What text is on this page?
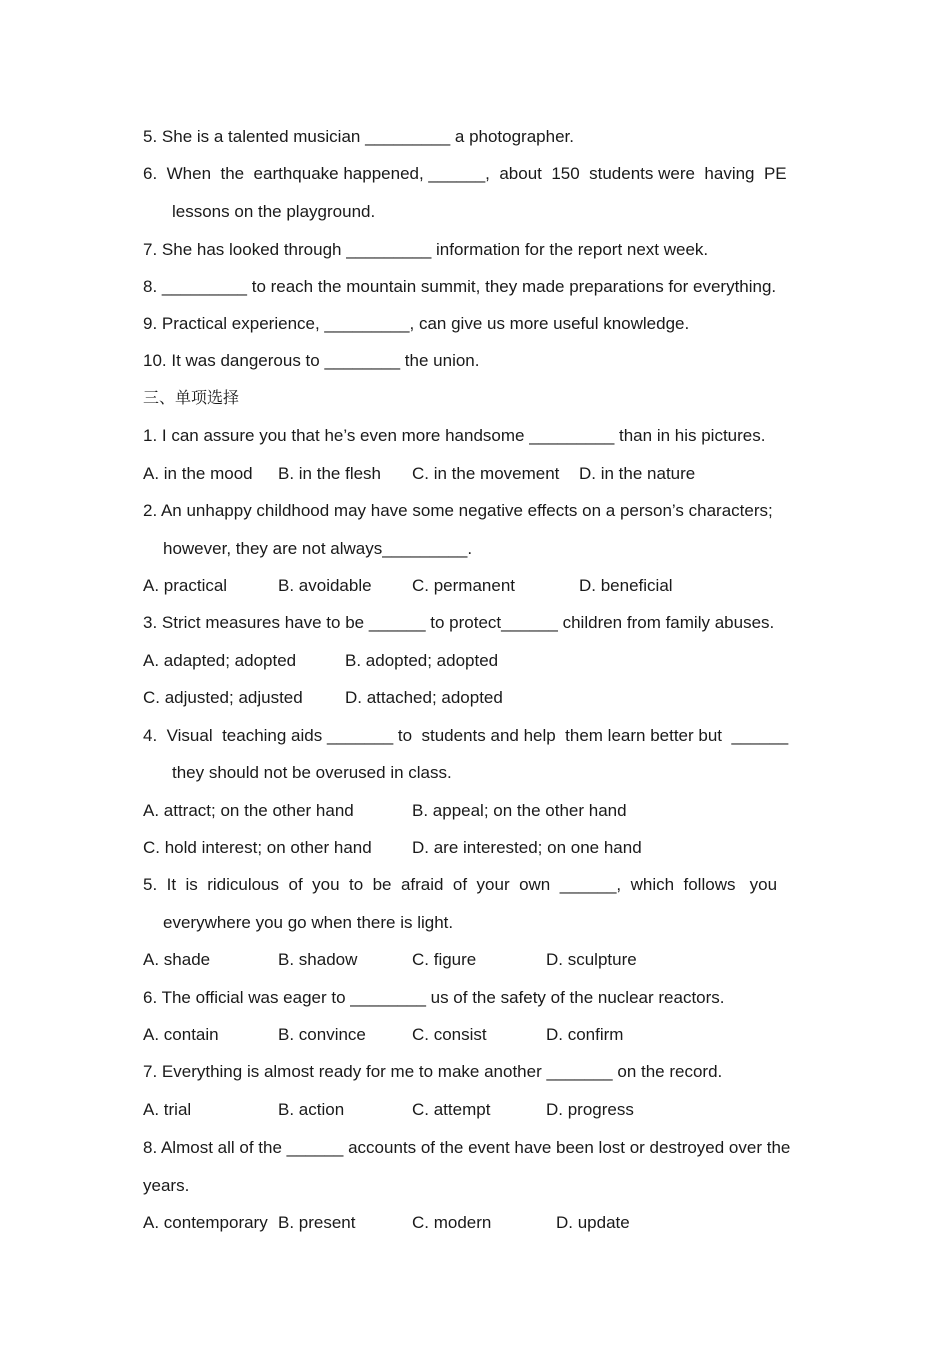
5. She is a talented musician _________ a photographer.
6.  When  the  earthquake happened, ______,  about  150  students were  having  PE
lessons on the playground.
7. She has looked through _________ information for the report next week.
8. _________ to reach the mountain summit, they made preparations for everything.
9. Practical experience, _________, can give us more useful knowledge.
10. It was dangerous to ________ the union.
三、单项选择
1. I can assure you that he’s even more handsome _________ than in his pictures.
A. in the mood B. in the flesh C. in the movement D. in the nature
2. An unhappy childhood may have some negative effects on a person’s characters;
however, they are not always_________.
A. practical	B. avoidable C. permanent	D. beneficial
3. Strict measures have to be ______ to protect______ children from family abuses.
A. adapted; adopted	B. adopted; adopted
C. adjusted; adjusted D. attached; adopted
4.  Visual  teaching aids _______ to  students and help  them learn better but  ______
they should not be overused in class.
A. attract; on the other hand	B. appeal; on the other hand
C. hold interest; on other hand D. are interested; on one hand
5.  It  is  ridiculous  of  you  to  be  afraid  of  your  own  ______,  which  follows   you
everywhere you go when there is light.
A. shade	B. shadow	C. figure	D. sculpture
6. The official was eager to ________ us of the safety of the nuclear reactors.
A. contain	B. convince	C. consist	D. confirm
7. Everything is almost ready for me to make another _______ on the record.
A. trial	B. action	C. attempt	D. progress
8. Almost all of the ______ accounts of the event have been lost or destroyed over the
years.
A. contemporary B. present	C. modern	D. update
